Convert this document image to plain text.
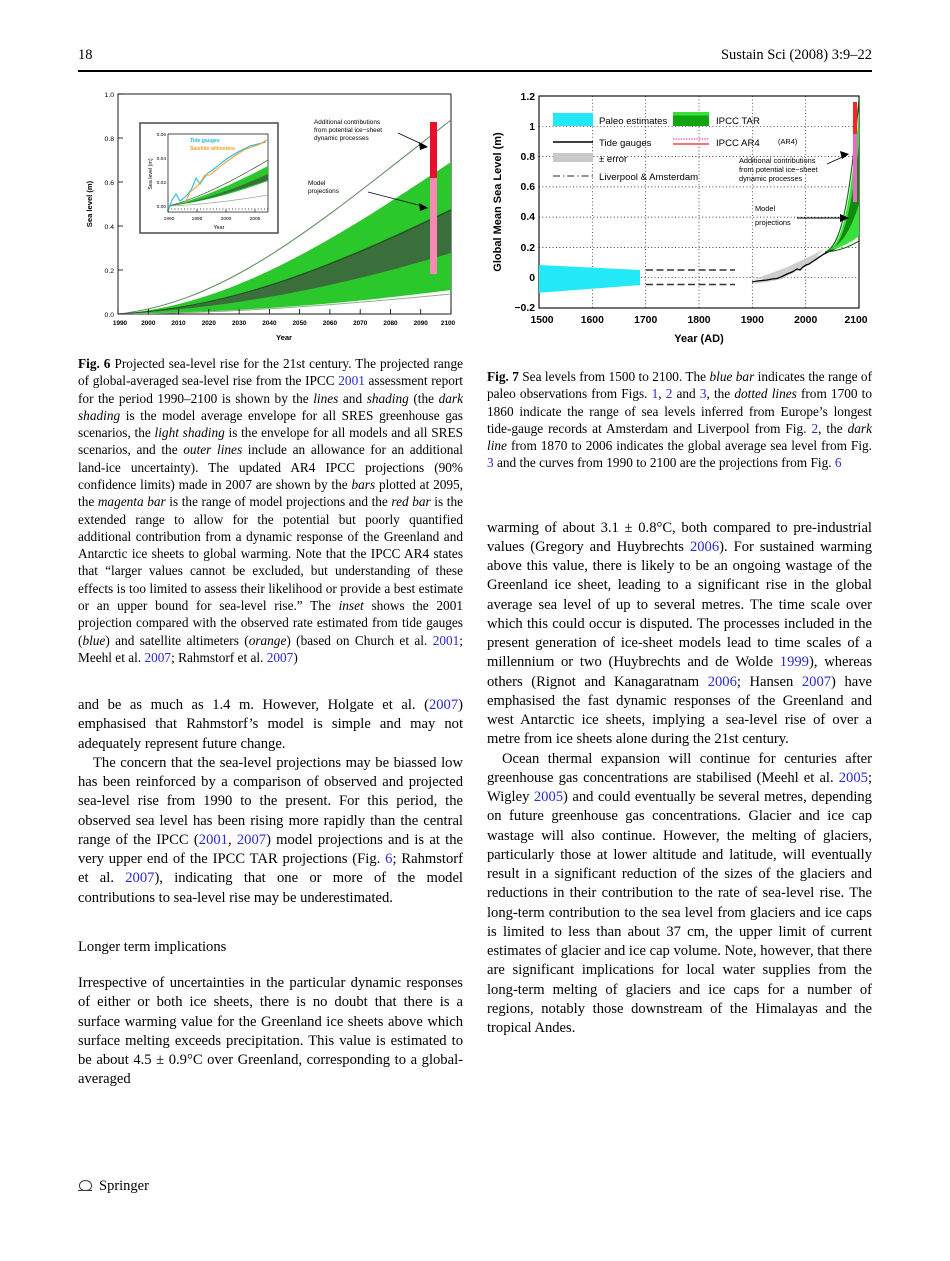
18	Sustain Sci (2008) 3:9–22
Additional contributions
from potential ice−sheet
dynamic processes
Model
projections
1.0
0.8
0.6
0.4
0.2
0.0
1990 2000 2010	2020	2030	2040 2050	2060	2070	2080 2090 2100
Year
Sea level (m)
Tide gauges
Satellite altimeters
0.06
0.04
0.02
0.00
1990	1995	2000	2005
Year
Sea level (m)
(AR4)
Additional contributions
from potential ice−sheet
dynamic processes
Model
projections
Paleo estimates	IPCC TAR
Tide gauges
± error
IPCC AR4
Liverpool & Amsterdam
1.2
1
0.8
0.6
0.4
0.2
0
−0.2
1500	1600	1700	1800	1900	2000	2100
Year (AD)
Global Mean Sea Level (m)

Fig. 6 Projected sea-level rise for the 21st century. The projected range of global-averaged sea-level rise from the IPCC 2001 assessment report for the period 1990–2100 is shown by the lines and shading (the dark shading is the model average envelope for all SRES greenhouse gas scenarios, the light shading is the envelope for all models and all SRES scenarios, and the outer lines include an allowance for an additional land-ice uncertainty). The updated AR4 IPCC projections (90% confidence limits) made in 2007 are shown by the bars plotted at 2095, the magenta bar is the range of model projections and the red bar is the extended range to allow for the potential but poorly quantified additional contribution from a dynamic response of the Greenland and Antarctic ice sheets to global warming. Note that the IPCC AR4 states that “larger values cannot be excluded, but understanding of these effects is too limited to assess their likelihood or provide a best estimate or an upper bound for sea-level rise.” The inset shows the 2001 projection compared with the observed rate estimated from tide gauges (blue) and satellite altimeters (orange) (based on Church et al. 2001; Meehl et al. 2007; Rahmstorf et al. 2007)

and be as much as 1.4 m. However, Holgate et al. (2007) emphasised that Rahmstorf’s model is simple and may not adequately represent future change.

The concern that the sea-level projections may be biassed low has been reinforced by a comparison of observed and projected sea-level rise from 1990 to the present. For this period, the observed sea level has been rising more rapidly than the central range of the IPCC (2001, 2007) model projections and is at the very upper end of the IPCC TAR projections (Fig. 6; Rahmstorf et al. 2007), indicating that one or more of the model contributions to sea-level rise may be underestimated.

Longer term implications

Irrespective of uncertainties in the particular dynamic responses of either or both ice sheets, there is no doubt that there is a surface warming value for the Greenland ice sheets above which surface melting exceeds precipitation. This value is estimated to be about 4.5 ± 0.9°C over Greenland, corresponding to a global-averaged

Fig. 7 Sea levels from 1500 to 2100. The blue bar indicates the range of paleo observations from Figs. 1, 2 and 3, the dotted lines from 1700 to 1860 indicate the range of sea levels inferred from Europe’s longest tide-gauge records at Amsterdam and Liverpool from Fig. 2, the dark line from 1870 to 2006 indicates the global average sea level from Fig. 3 and the curves from 1990 to 2100 are the projections from Fig. 6

warming of about 3.1 ± 0.8°C, both compared to pre-industrial values (Gregory and Huybrechts 2006). For sustained warming above this value, there is likely to be an ongoing wastage of the Greenland ice sheet, leading to a significant rise in the global average sea level of up to several metres. The time scale over which this could occur is disputed. The processes included in the present generation of ice-sheet models lead to time scales of a millennium or two (Huybrechts and de Wolde 1999), whereas others (Rignot and Kanagaratnam 2006; Hansen 2007) have emphasised the fast dynamic responses of the Greenland and west Antarctic ice sheets, implying a sea-level rise of over a metre from ice sheets alone during the 21st century.

Ocean thermal expansion will continue for centuries after greenhouse gas concentrations are stabilised (Meehl et al. 2005; Wigley 2005) and could eventually be several metres, depending on future greenhouse gas concentrations. Glacier and ice cap wastage will also continue. However, the melting of glaciers, particularly those at lower altitude and latitude, will eventually result in a significant reduction of the sizes of the glaciers and reductions in their contribution to the rate of sea-level rise. The long-term contribution to the sea level from glaciers and ice caps is limited to less than about 37 cm, the upper limit of current estimates of glacier and ice cap volume. Note, however, that there are significant implications for local water supplies from the long-term melting of glaciers and ice caps for a number of regions, notably those downstream of the Himalayas and the tropical Andes.

Springer
